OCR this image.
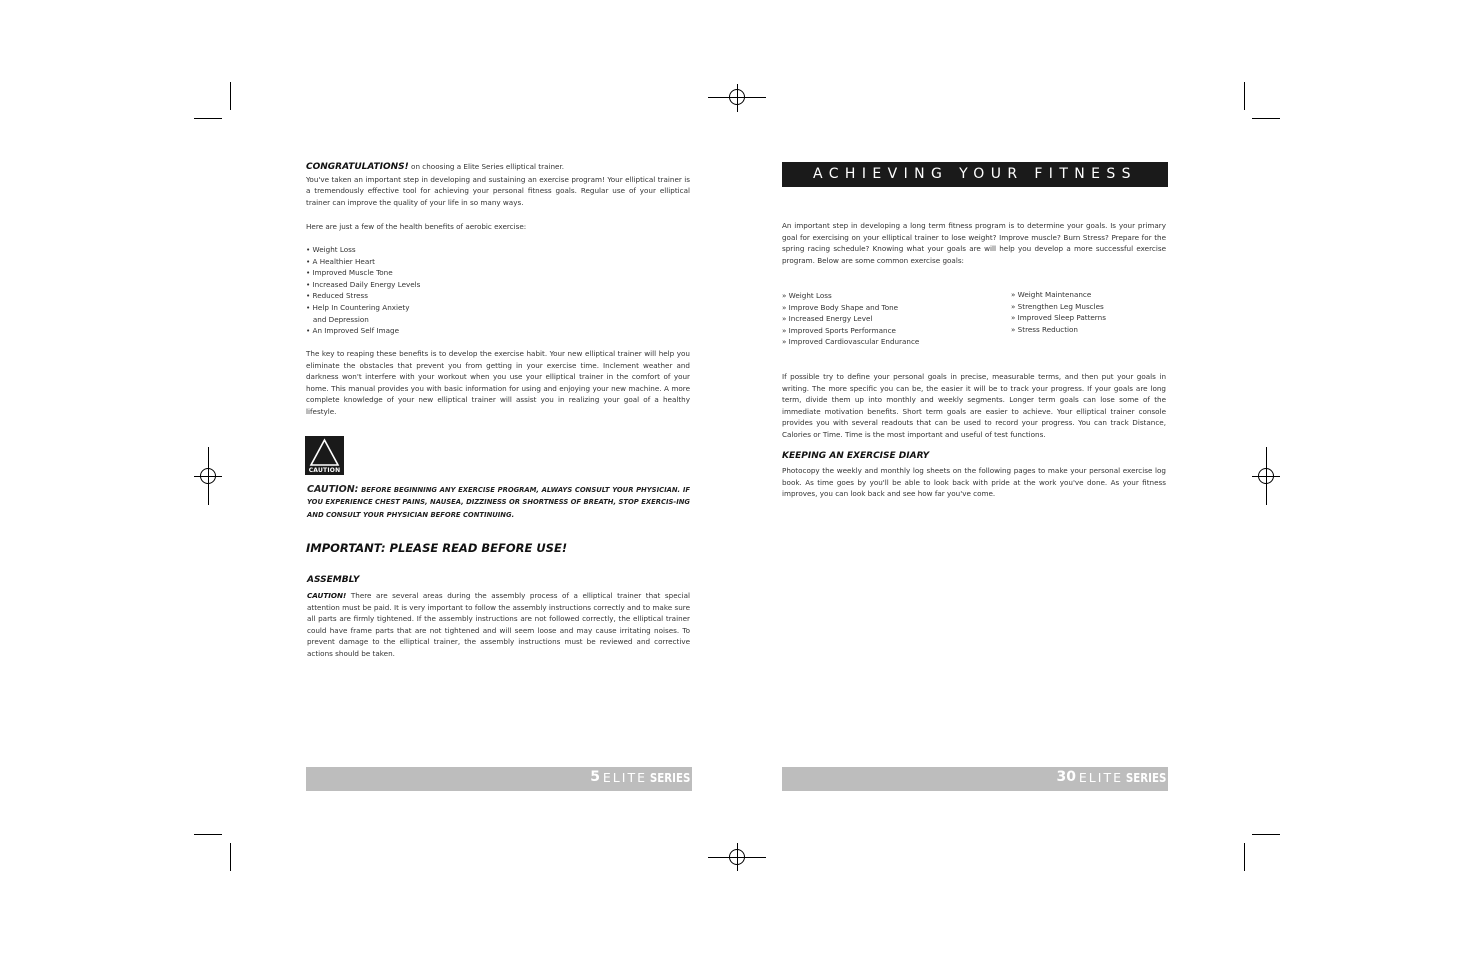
CONGRATULATIONS! on choosing a Elite Series elliptical trainer.

You've taken an important step in developing and sustaining an exercise program! Your elliptical trainer is a tremendously effective tool for achieving your personal fitness goals. Regular use of your elliptical trainer can improve the quality of your life in so many ways.

Here are just a few of the health benefits of aerobic exercise:
• Weight Loss
• A Healthier Heart
• Improved Muscle Tone
• Increased Daily Energy Levels
• Reduced Stress
• Help In Countering Anxiety
and Depression
• An Improved Self Image

The key to reaping these benefits is to develop the exercise habit. Your new elliptical trainer will help you eliminate the obstacles that prevent you from getting in your exercise time. Inclement weather and darkness won't interfere with your workout when you use your elliptical trainer in the comfort of your home. This manual provides you with basic information for using and enjoying your new machine. A more complete knowledge of your new elliptical trainer will assist you in realizing your goal of a healthy lifestyle.

CAUTION
CAUTION: BEFORE BEGINNING ANY EXERCISE PROGRAM, ALWAYS CONSULT YOUR PHYSICIAN. IF YOU EXPERIENCE CHEST PAINS, NAUSEA, DIZZINESS OR SHORTNESS OF BREATH, STOP EXERCIS-ING AND CONSULT YOUR PHYSICIAN BEFORE CONTINUING.
IMPORTANT: PLEASE READ BEFORE USE!
ASSEMBLY

CAUTION! There are several areas during the assembly process of a elliptical trainer that special attention must be paid. It is very important to follow the assembly instructions correctly and to make sure all parts are firmly tightened. If the assembly instructions are not followed correctly, the elliptical trainer could have frame parts that are not tightened and will seem loose and may cause irritating noises. To prevent damage to the elliptical trainer, the assembly instructions must be reviewed and corrective actions should be taken.

5 ELITE SERIES
ACHIEVING YOUR FITNESS GOALS

An important step in developing a long term fitness program is to determine your goals. Is your primary goal for exercising on your elliptical trainer to lose weight? Improve muscle? Burn Stress? Prepare for the spring racing schedule? Knowing what your goals are will help you develop a more successful exercise program. Below are some common exercise goals:

» Weight Loss
» Improve Body Shape and Tone
» Increased Energy Level
» Improved Sports Performance
» Improved Cardiovascular Endurance
» Weight Maintenance
» Strengthen Leg Muscles
» Improved Sleep Patterns
» Stress Reduction

If possible try to define your personal goals in precise, measurable terms, and then put your goals in writing. The more specific you can be, the easier it will be to track your progress. If your goals are long term, divide them up into monthly and weekly segments. Longer term goals can lose some of the immediate motivation benefits. Short term goals are easier to achieve. Your elliptical trainer console provides you with several readouts that can be used to record your progress. You can track Distance, Calories or Time. Time is the most important and useful of test functions.

KEEPING AN EXERCISE DIARY

Photocopy the weekly and monthly log sheets on the following pages to make your personal exercise log book. As time goes by you'll be able to look back with pride at the work you've done. As your fitness improves, you can look back and see how far you've come.

30 ELITE SERIES
